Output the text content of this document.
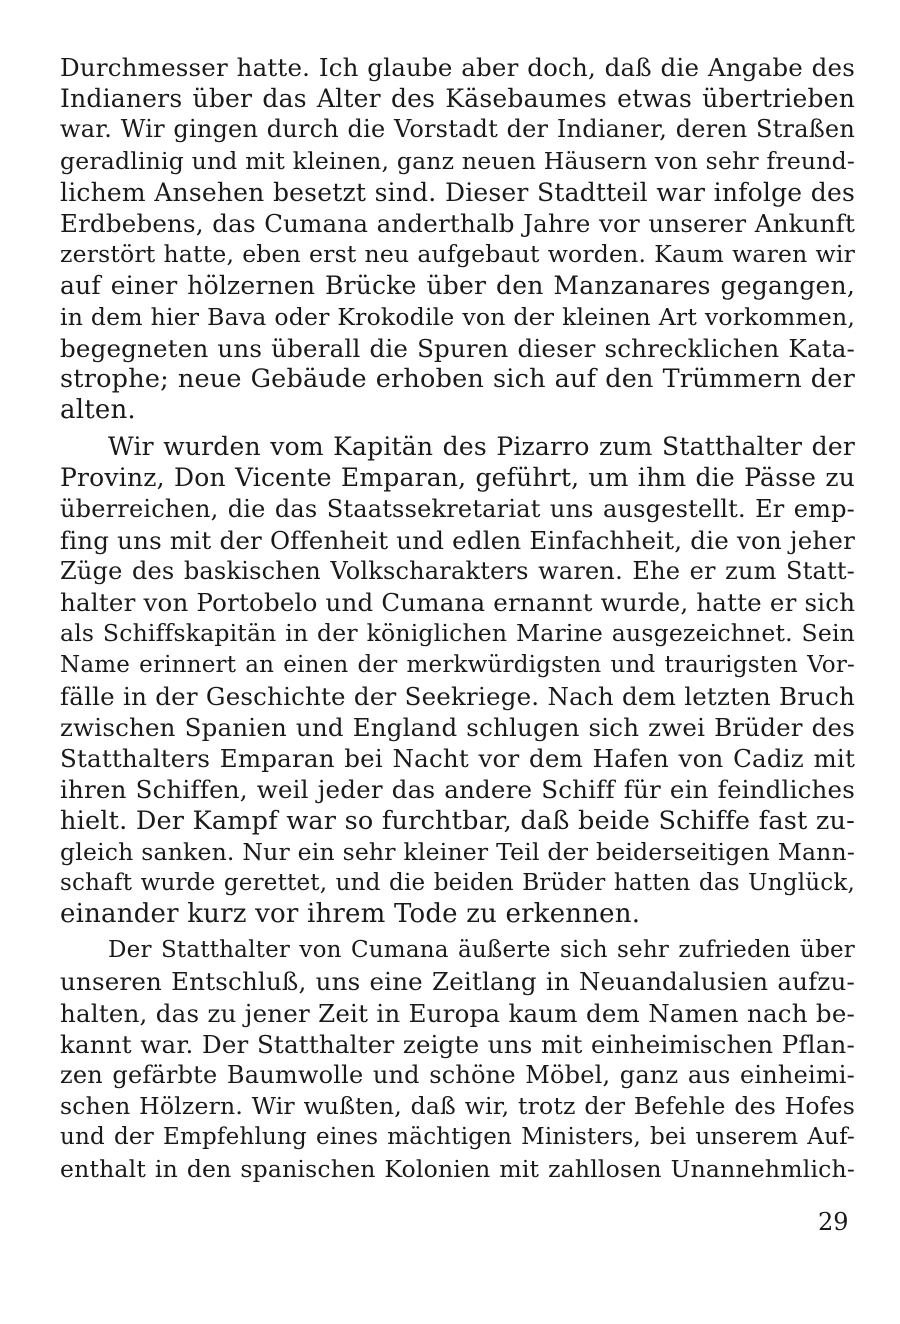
Durchmesser hatte. Ich glaube aber doch, daß die Angabe des
Indianers über das Alter des Käsebaumes etwas übertrieben
war. Wir gingen durch die Vorstadt der Indianer, deren Straßen
geradlinig und mit kleinen, ganz neuen Häusern von sehr freund-
lichem Ansehen besetzt sind. Dieser Stadtteil war infolge des
Erdbebens, das Cumana anderthalb Jahre vor unserer Ankunft
zerstört hatte, eben erst neu aufgebaut worden. Kaum waren wir
auf einer hölzernen Brücke über den Manzanares gegangen,
in dem hier Bava oder Krokodile von der kleinen Art vorkommen,
begegneten uns überall die Spuren dieser schrecklichen Kata-
strophe; neue Gebäude erhoben sich auf den Trümmern der
alten.
Wir wurden vom Kapitän des Pizarro zum Statthalter der
Provinz, Don Vicente Emparan, geführt, um ihm die Pässe zu
überreichen, die das Staatssekretariat uns ausgestellt. Er emp-
fing uns mit der Offenheit und edlen Einfachheit, die von jeher
Züge des baskischen Volkscharakters waren. Ehe er zum Statt-
halter von Portobelo und Cumana ernannt wurde, hatte er sich
als Schiffskapitän in der königlichen Marine ausgezeichnet. Sein
Name erinnert an einen der merkwürdigsten und traurigsten Vor-
fälle in der Geschichte der Seekriege. Nach dem letzten Bruch
zwischen Spanien und England schlugen sich zwei Brüder des
Statthalters Emparan bei Nacht vor dem Hafen von Cadiz mit
ihren Schiffen, weil jeder das andere Schiff für ein feindliches
hielt. Der Kampf war so furchtbar, daß beide Schiffe fast zu-
gleich sanken. Nur ein sehr kleiner Teil der beiderseitigen Mann-
schaft wurde gerettet, und die beiden Brüder hatten das Unglück,
einander kurz vor ihrem Tode zu erkennen.
Der Statthalter von Cumana äußerte sich sehr zufrieden über
unseren Entschluß, uns eine Zeitlang in Neuandalusien aufzu-
halten, das zu jener Zeit in Europa kaum dem Namen nach be-
kannt war. Der Statthalter zeigte uns mit einheimischen Pflan-
zen gefärbte Baumwolle und schöne Möbel, ganz aus einheimi-
schen Hölzern. Wir wußten, daß wir, trotz der Befehle des Hofes
und der Empfehlung eines mächtigen Ministers, bei unserem Auf-
enthalt in den spanischen Kolonien mit zahllosen Unannehmlich-
29
